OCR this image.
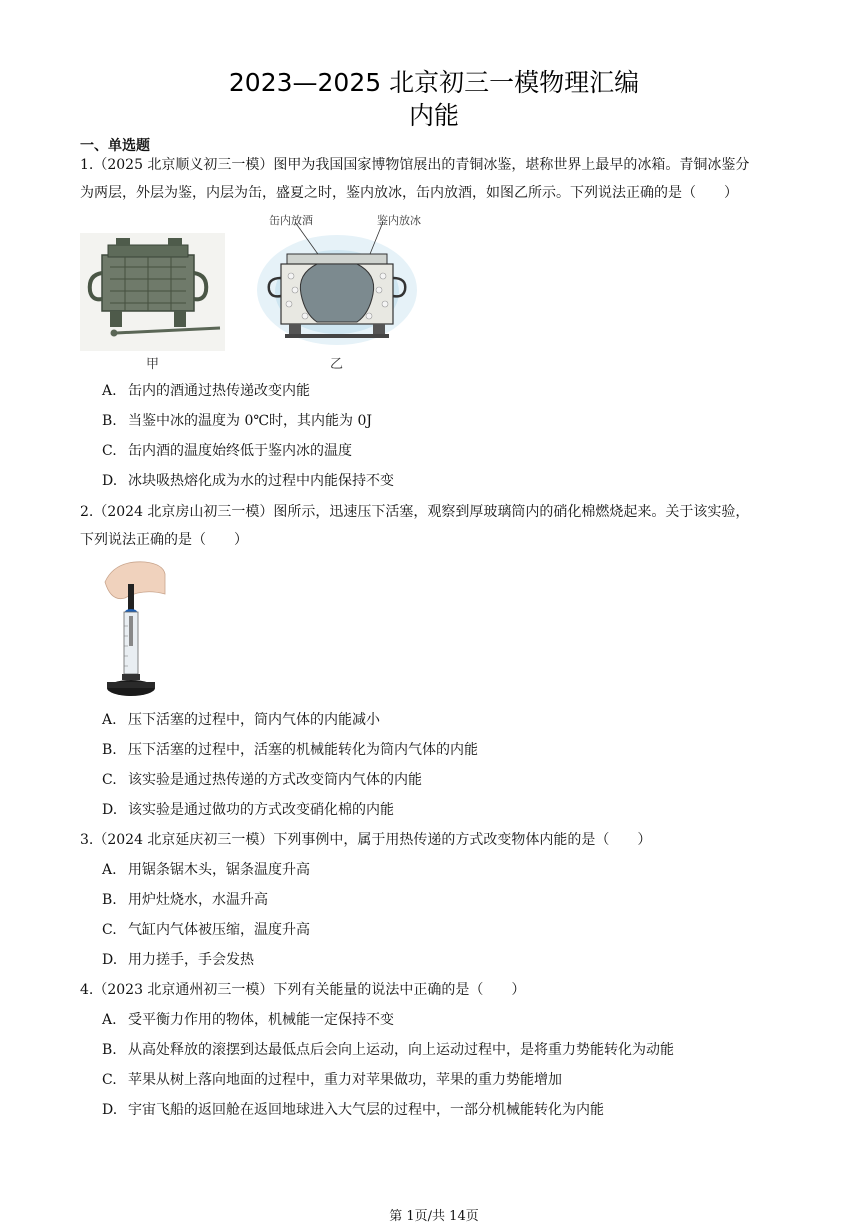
2023—2025 北京初三一模物理汇编
内能
一、单选题
1.（2025 北京顺义初三一模）图甲为我国国家博物馆展出的青铜冰鉴，堪称世界上最早的冰箱。青铜冰鉴分
为两层，外层为鉴，内层为缶，盛夏之时，鉴内放冰，缶内放酒，如图乙所示。下列说法正确的是（　　）
甲
缶内放酒	鉴内放冰
乙
A. 缶内的酒通过热传递改变内能
B. 当鉴中冰的温度为 0℃时，其内能为 0J
C. 缶内酒的温度始终低于鉴内冰的温度
D. 冰块吸热熔化成为水的过程中内能保持不变
2.（2024 北京房山初三一模）图所示，迅速压下活塞，观察到厚玻璃筒内的硝化棉燃烧起来。关于该实验，
下列说法正确的是（　　）
A. 压下活塞的过程中，筒内气体的内能减小
B. 压下活塞的过程中，活塞的机械能转化为筒内气体的内能
C. 该实验是通过热传递的方式改变筒内气体的内能
D. 该实验是通过做功的方式改变硝化棉的内能
3.（2024 北京延庆初三一模）下列事例中，属于用热传递的方式改变物体内能的是（　　）
A. 用锯条锯木头，锯条温度升高
B. 用炉灶烧水，水温升高
C. 气缸内气体被压缩，温度升高
D. 用力搓手，手会发热
4.（2023 北京通州初三一模）下列有关能量的说法中正确的是（　　）
A. 受平衡力作用的物体，机械能一定保持不变
B. 从高处释放的滚摆到达最低点后会向上运动，向上运动过程中，是将重力势能转化为动能
C. 苹果从树上落向地面的过程中，重力对苹果做功，苹果的重力势能增加
D. 宇宙飞船的返回舱在返回地球进入大气层的过程中，一部分机械能转化为内能
第 1页/共 14页
